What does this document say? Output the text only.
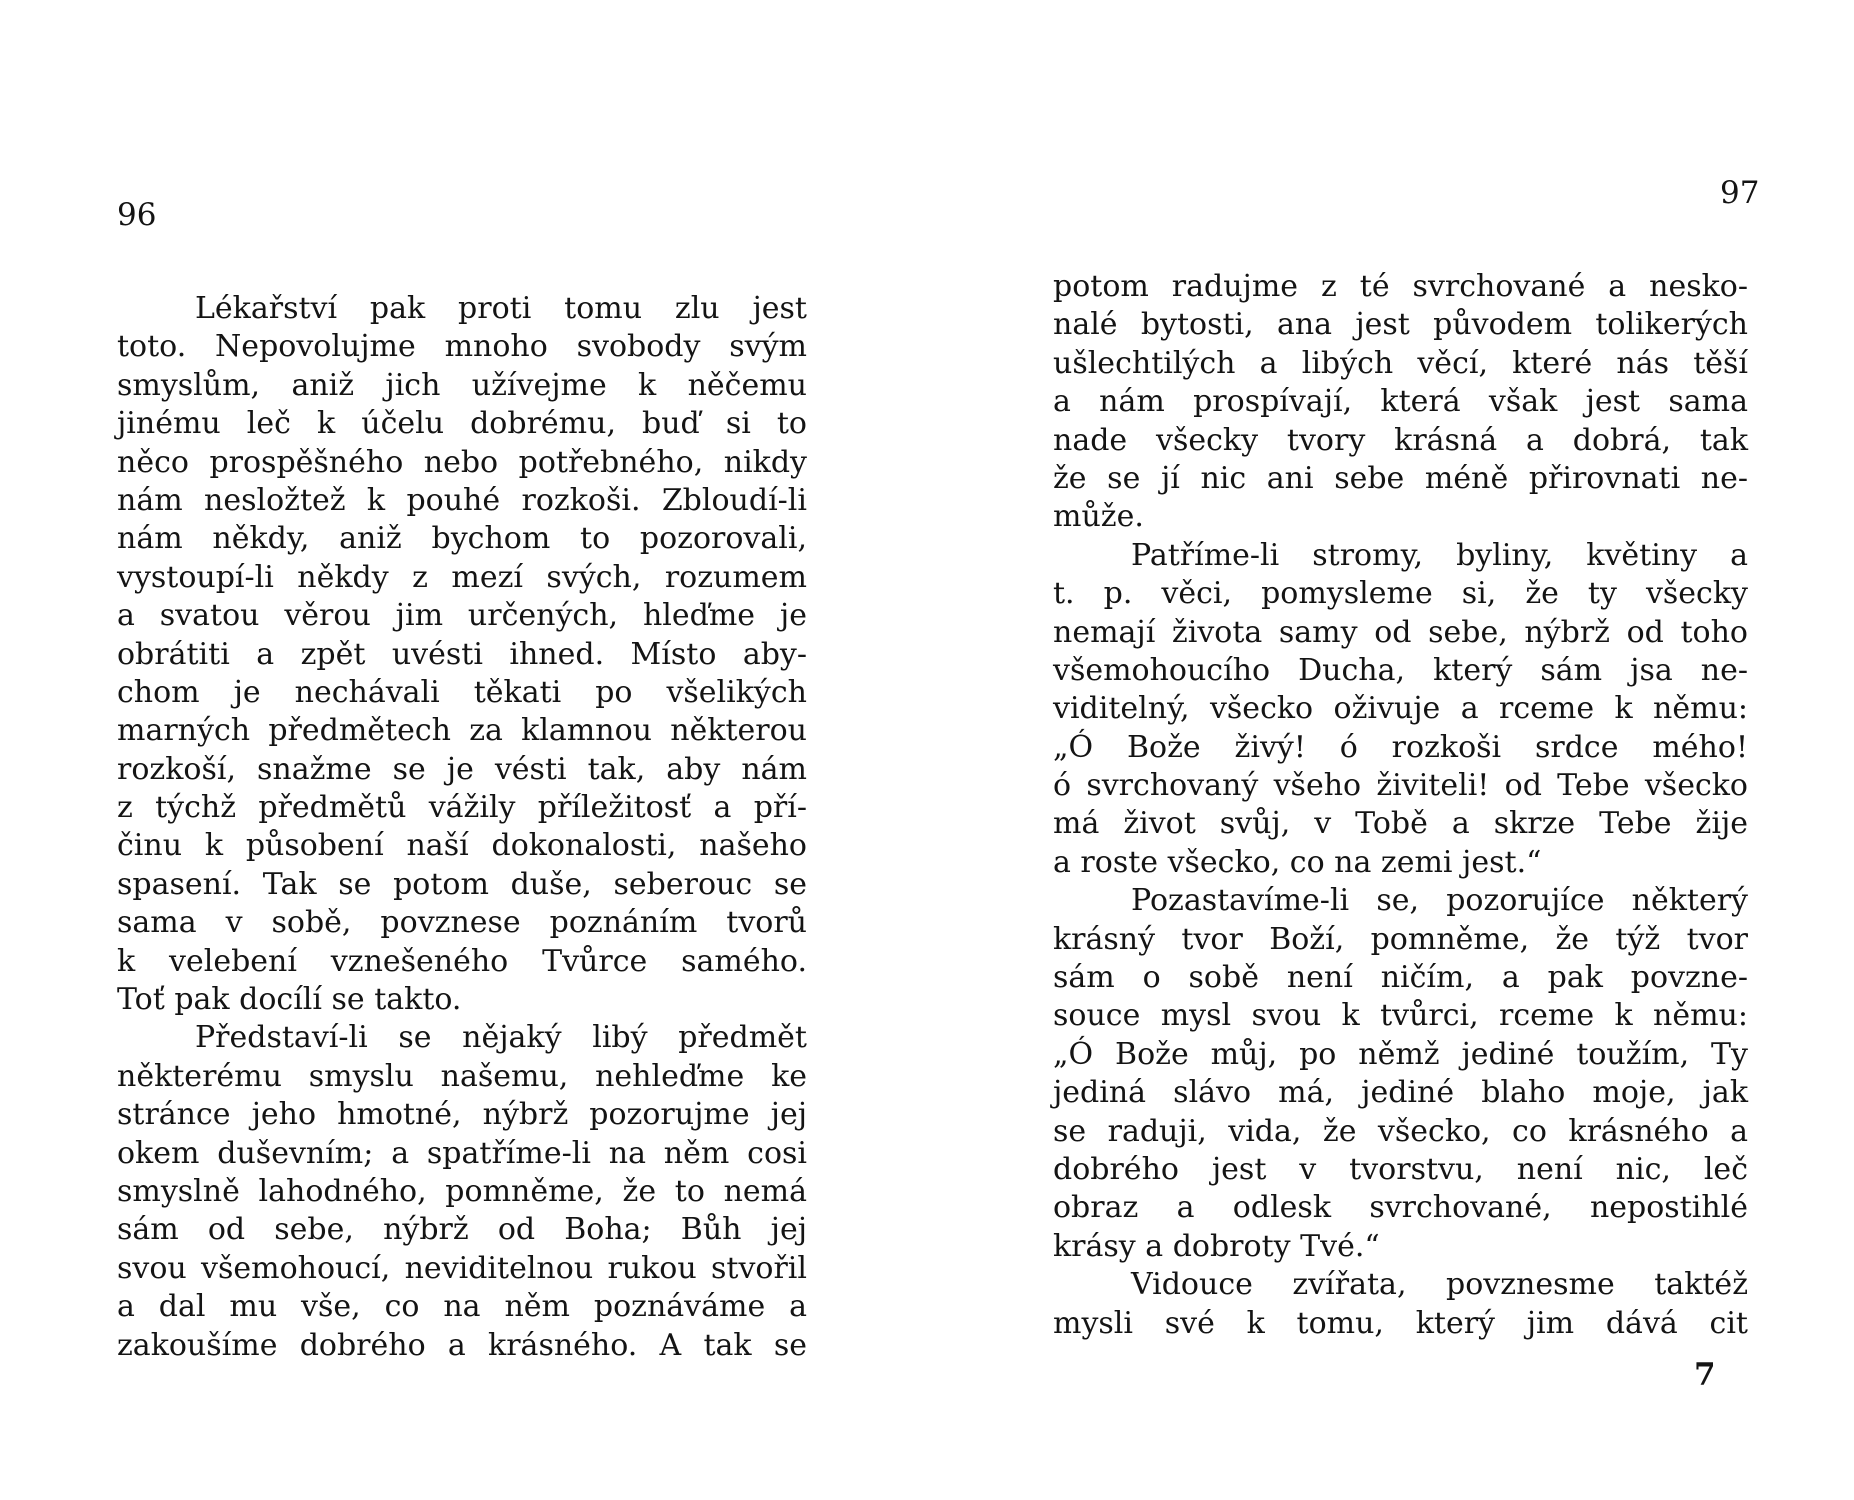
96
97
Lékařství pak proti tomu zlu jest
toto. Nepovolujme mnoho svobody svým
smyslům, aniž jich užívejme k něčemu
jinému leč k účelu dobrému, buď si to
něco prospěšného nebo potřebného, nikdy
nám nesložtež k pouhé rozkoši. Zbloudí-li
nám někdy, aniž bychom to pozorovali,
vystoupí-li někdy z mezí svých, rozumem
a svatou věrou jim určených, hleďme je
obrátiti a zpět uvésti ihned. Místo aby-
chom je nechávali těkati po všelikých
marných předmětech za klamnou některou
rozkoší, snažme se je vésti tak, aby nám
z týchž předmětů vážily příležitosť a pří-
činu k působení naší dokonalosti, našeho
spasení. Tak se potom duše, seberouc se
sama v sobě, povznese poznáním tvorů
k velebení vznešeného Tvůrce samého.
Toť pak docílí se takto.
Představí-li se nějaký libý předmět
některému smyslu našemu, nehleďme ke
stránce jeho hmotné, nýbrž pozorujme jej
okem duševním; a spatříme-li na něm cosi
smyslně lahodného, pomněme, že to nemá
sám od sebe, nýbrž od Boha; Bůh jej
svou všemohoucí, neviditelnou rukou stvořil
a dal mu vše, co na něm poznáváme a
zakoušíme dobrého a krásného. A tak se
potom radujme z té svrchované a nesko-
nalé bytosti, ana jest původem tolikerých
ušlechtilých a libých věcí, které nás těší
a nám prospívají, která však jest sama
nade všecky tvory krásná a dobrá, tak
že se jí nic ani sebe méně přirovnati ne-
může.
Patříme-li stromy, byliny, květiny a
t. p. věci, pomysleme si, že ty všecky
nemají života samy od sebe, nýbrž od toho
všemohoucího Ducha, který sám jsa ne-
viditelný, všecko oživuje a rceme k němu:
„Ó Bože živý! ó rozkoši srdce mého!
ó svrchovaný všeho živiteli! od Tebe všecko
má život svůj, v Tobě a skrze Tebe žije
a roste všecko, co na zemi jest.“
Pozastavíme-li se, pozorujíce některý
krásný tvor Boží, pomněme, že týž tvor
sám o sobě není ničím, a pak povzne-
souce mysl svou k tvůrci, rceme k němu:
„Ó Bože můj, po němž jediné toužím, Ty
jediná slávo má, jediné blaho moje, jak
se raduji, vida, že všecko, co krásného a
dobrého jest v tvorstvu, není nic, leč
obraz a odlesk svrchované, nepostihlé
krásy a dobroty Tvé.“
Vidouce zvířata, povznesme taktéž
mysli své k tomu, který jim dává cit
7
